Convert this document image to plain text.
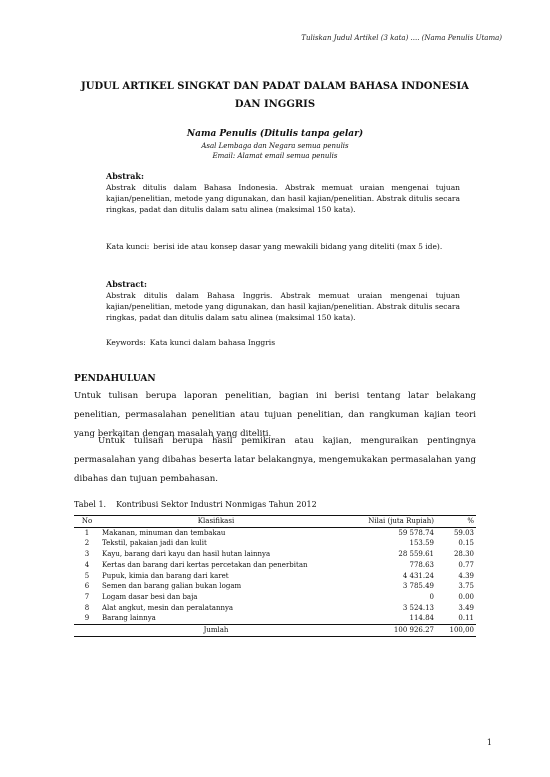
Tuliskan Judul Artikel (3 kata) .... (Nama Penulis Utama)
JUDUL ARTIKEL SINGKAT DAN PADAT DALAM BAHASA INDONESIA DAN INGGRIS
Nama Penulis (Ditulis tanpa gelar)
Asal Lembaga dan Negara semua penulis
Email: Alamat email semua penulis
Abstrak:
Abstrak ditulis dalam Bahasa Indonesia. Abstrak memuat uraian mengenai tujuan kajian/penelitian, metode yang digunakan, dan hasil kajian/penelitian. Abstrak ditulis secara ringkas, padat dan ditulis dalam satu alinea (maksimal 150 kata).
Kata kunci: berisi ide atau konsep dasar yang mewakili bidang yang diteliti (max 5 ide).
Abstract:
Abstrak ditulis dalam Bahasa Inggris. Abstrak memuat uraian mengenai tujuan kajian/penelitian, metode yang digunakan, dan hasil kajian/penelitian. Abstrak ditulis secara ringkas, padat dan ditulis dalam satu alinea (maksimal 150 kata).
Keywords: Kata kunci dalam bahasa Inggris
PENDAHULUAN
Untuk tulisan berupa laporan penelitian, bagian ini berisi tentang latar belakang penelitian, permasalahan penelitian atau tujuan penelitian, dan rangkuman kajian teori yang berkaitan dengan masalah yang diteliti.
Untuk tulisan berupa hasil pemikiran atau kajian, menguraikan pentingnya permasalahan yang dibahas beserta latar belakangnya, mengemukakan permasalahan yang dibahas dan tujuan pembahasan.
Tabel 1. Kontribusi Sektor Industri Nonmigas Tahun 2012
No	Klasifikasi	Nilai (juta Rupiah)	%
1	Makanan, minuman dan tembakau	59 578.74	59.03
2	Tekstil, pakaian jadi dan kulit	153.59	0.15
3	Kayu, barang dari kayu dan hasil hutan lainnya	28 559.61	28.30
4	Kertas dan barang dari kertas percetakan dan penerbitan	778.63	0.77
5	Pupuk, kimia dan barang dari karet	4 431.24	4.39
6	Semen dan barang galian bukan logam	3 785.49	3.75
7	Logam dasar besi dan baja	0	0.00
8	Alat angkut, mesin dan peralatannya	3 524.13	3.49
9	Barang lainnya	114.84	0.11
	Jumlah	100 926.27	100,00
1
